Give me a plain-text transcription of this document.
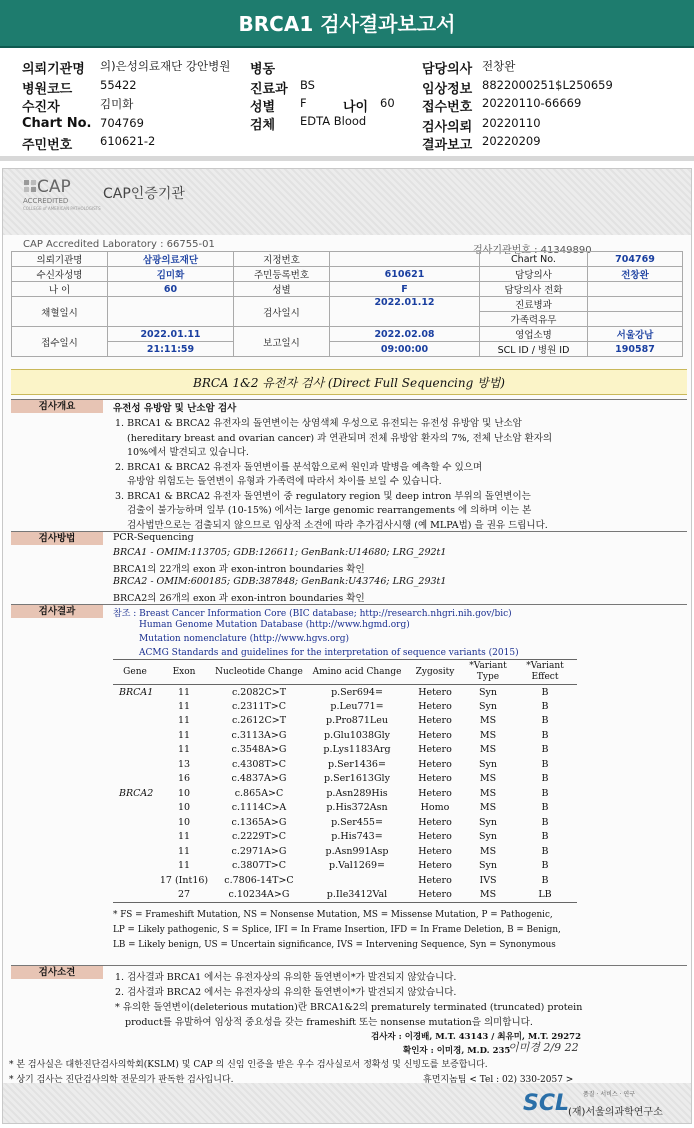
BRCA1 검사결과보고서
의뢰기관명 의)은성의료재단 강안병원 병동	담당의사 전창완
병원코드 55422	진료과 BS	임상정보 8822000251$L250659
수진자	김미화	성별 F	나이 60 접수번호 20220110-66669
Chart No. 704769	검체 EDTA Blood	검사의뢰 20220110
주민번호 610621-2	결과보고 20220209
CAP
ACCREDITED
COLLEGE of AMERICAN PATHOLOGISTS
CAP인증기관
CAP Accredited Laboratory : 66755-01
검사기관번호 : 41349890
의뢰기관명	삼광의료재단	지정번호		Chart No.	704769
수신자성명	김미화	주민등록번호	610621	담당의사	전창완
나 이	60	성별	F	담당의사 전화	
채혈일시		검사일시	2022.01.12	진료병과	
				가족력유무	
접수일시	2022.01.11	보고일시	2022.02.08	영업소명	서울강남
	21:11:59		09:00:00	SCL ID / 병원 ID	190587
BRCA 1&2 유전자 검사 (Direct Full Sequencing 방법)
검사개요	유전성 유방암 및 난소암 검사
1. BRCA1 & BRCA2 유전자의 돌연변이는 상염색체 우성으로 유전되는 유전성 유방암 및 난소암
(hereditary breast and ovarian cancer) 과 연관되며 전체 유방암 환자의 7%, 전체 난소암 환자의
10%에서 발견되고 있습니다.
2. BRCA1 & BRCA2 유전자 돌연변이를 분석함으로써 원인과 발병을 예측할 수 있으며
유방암 위험도는 돌연변이 유형과 가족력에 따라서 차이를 보일 수 있습니다.
3. BRCA1 & BRCA2 유전자 돌연변이 중 regulatory region 및 deep intron 부위의 돌연변이는
검출이 불가능하며 일부 (10-15%) 에서는 large genomic rearrangements 에 의하며 이는 본
검사법만으로는 검출되지 않으므로 임상적 소견에 따라 추가검사시행 (예 MLPA법) 을 권유 드립니다.
검사방법	PCR-Sequencing
BRCA1 - OMIM:113705; GDB:126611; GenBank:U14680; LRG_292t1
BRCA1의 22개의 exon 과 exon-intron boundaries 확인
BRCA2 - OMIM:600185; GDB:387848; GenBank:U43746; LRG_293t1
BRCA2의 26개의 exon 과 exon-intron boundaries 확인
검사결과	참조 : Breast Cancer Information Core (BIC database; http://research.nhgri.nih.gov/bic)
Human Genome Mutation Database (http://www.hgmd.org)
Mutation nomenclature (http://www.hgvs.org)
ACMG Standards and guidelines for the interpretation of sequence variants (2015)
Gene	Exon	Nucleotide Change	Amino acid Change	Zygosity	*Variant Type	*Variant Effect
BRCA1	11	c.2082C>T	p.Ser694=	Hetero	Syn	B
	11	c.2311T>C	p.Leu771=	Hetero	Syn	B
	11	c.2612C>T	p.Pro871Leu	Hetero	MS	B
	11	c.3113A>G	p.Glu1038Gly	Hetero	MS	B
	11	c.3548A>G	p.Lys1183Arg	Hetero	MS	B
	13	c.4308T>C	p.Ser1436=	Hetero	Syn	B
	16	c.4837A>G	p.Ser1613Gly	Hetero	MS	B
BRCA2	10	c.865A>C	p.Asn289His	Hetero	MS	B
	10	c.1114C>A	p.His372Asn	Homo	MS	B
	10	c.1365A>G	p.Ser455=	Hetero	Syn	B
	11	c.2229T>C	p.His743=	Hetero	Syn	B
	11	c.2971A>G	p.Asn991Asp	Hetero	MS	B
	11	c.3807T>C	p.Val1269=	Hetero	Syn	B
	17 (Int16)	c.7806-14T>C		Hetero	IVS	B
	27	c.10234A>G	p.Ile3412Val	Hetero	MS	LB
* FS = Frameshift Mutation, NS = Nonsense Mutation, MS = Missense Mutation, P = Pathogenic,
LP = Likely pathogenic, S = Splice, IFI = In Frame Insertion, IFD = In Frame Deletion, B = Benign,
LB = Likely benign, US = Uncertain significance, IVS = Intervening Sequence, Syn = Synonymous
검사소견	1. 검사결과 BRCA1 에서는 유전자상의 유의한 돌연변이*가 발견되지 않았습니다.
2. 검사결과 BRCA2 에서는 유전자상의 유의한 돌연변이*가 발견되지 않았습니다.
* 유의한 돌연변이(deleterious mutation)란 BRCA1&2의 prematurely terminated (truncated) protein
product를 유발하여 임상적 중요성을 갖는 frameshift 또는 nonsense mutation을 의미합니다.
검사자 : 이경배, M.T. 43143 / 최유미, M.T. 29272
확인자 : 이미경, M.D. 235
이미경 2/9 22
* 본 검사실은 대한진단검사의학회(KSLM) 및 CAP 의 신임 인증을 받은 우수 검사실로서 정확성 및 신빙도를 보증합니다.
* 상기 검사는 진단검사의학 전문의가 판독한 검사입니다.	휴먼지놈팀 < Tel : 02) 330-2057 >
SCL 품질 · 서비스 · 연구
(재)서울의과학연구소
